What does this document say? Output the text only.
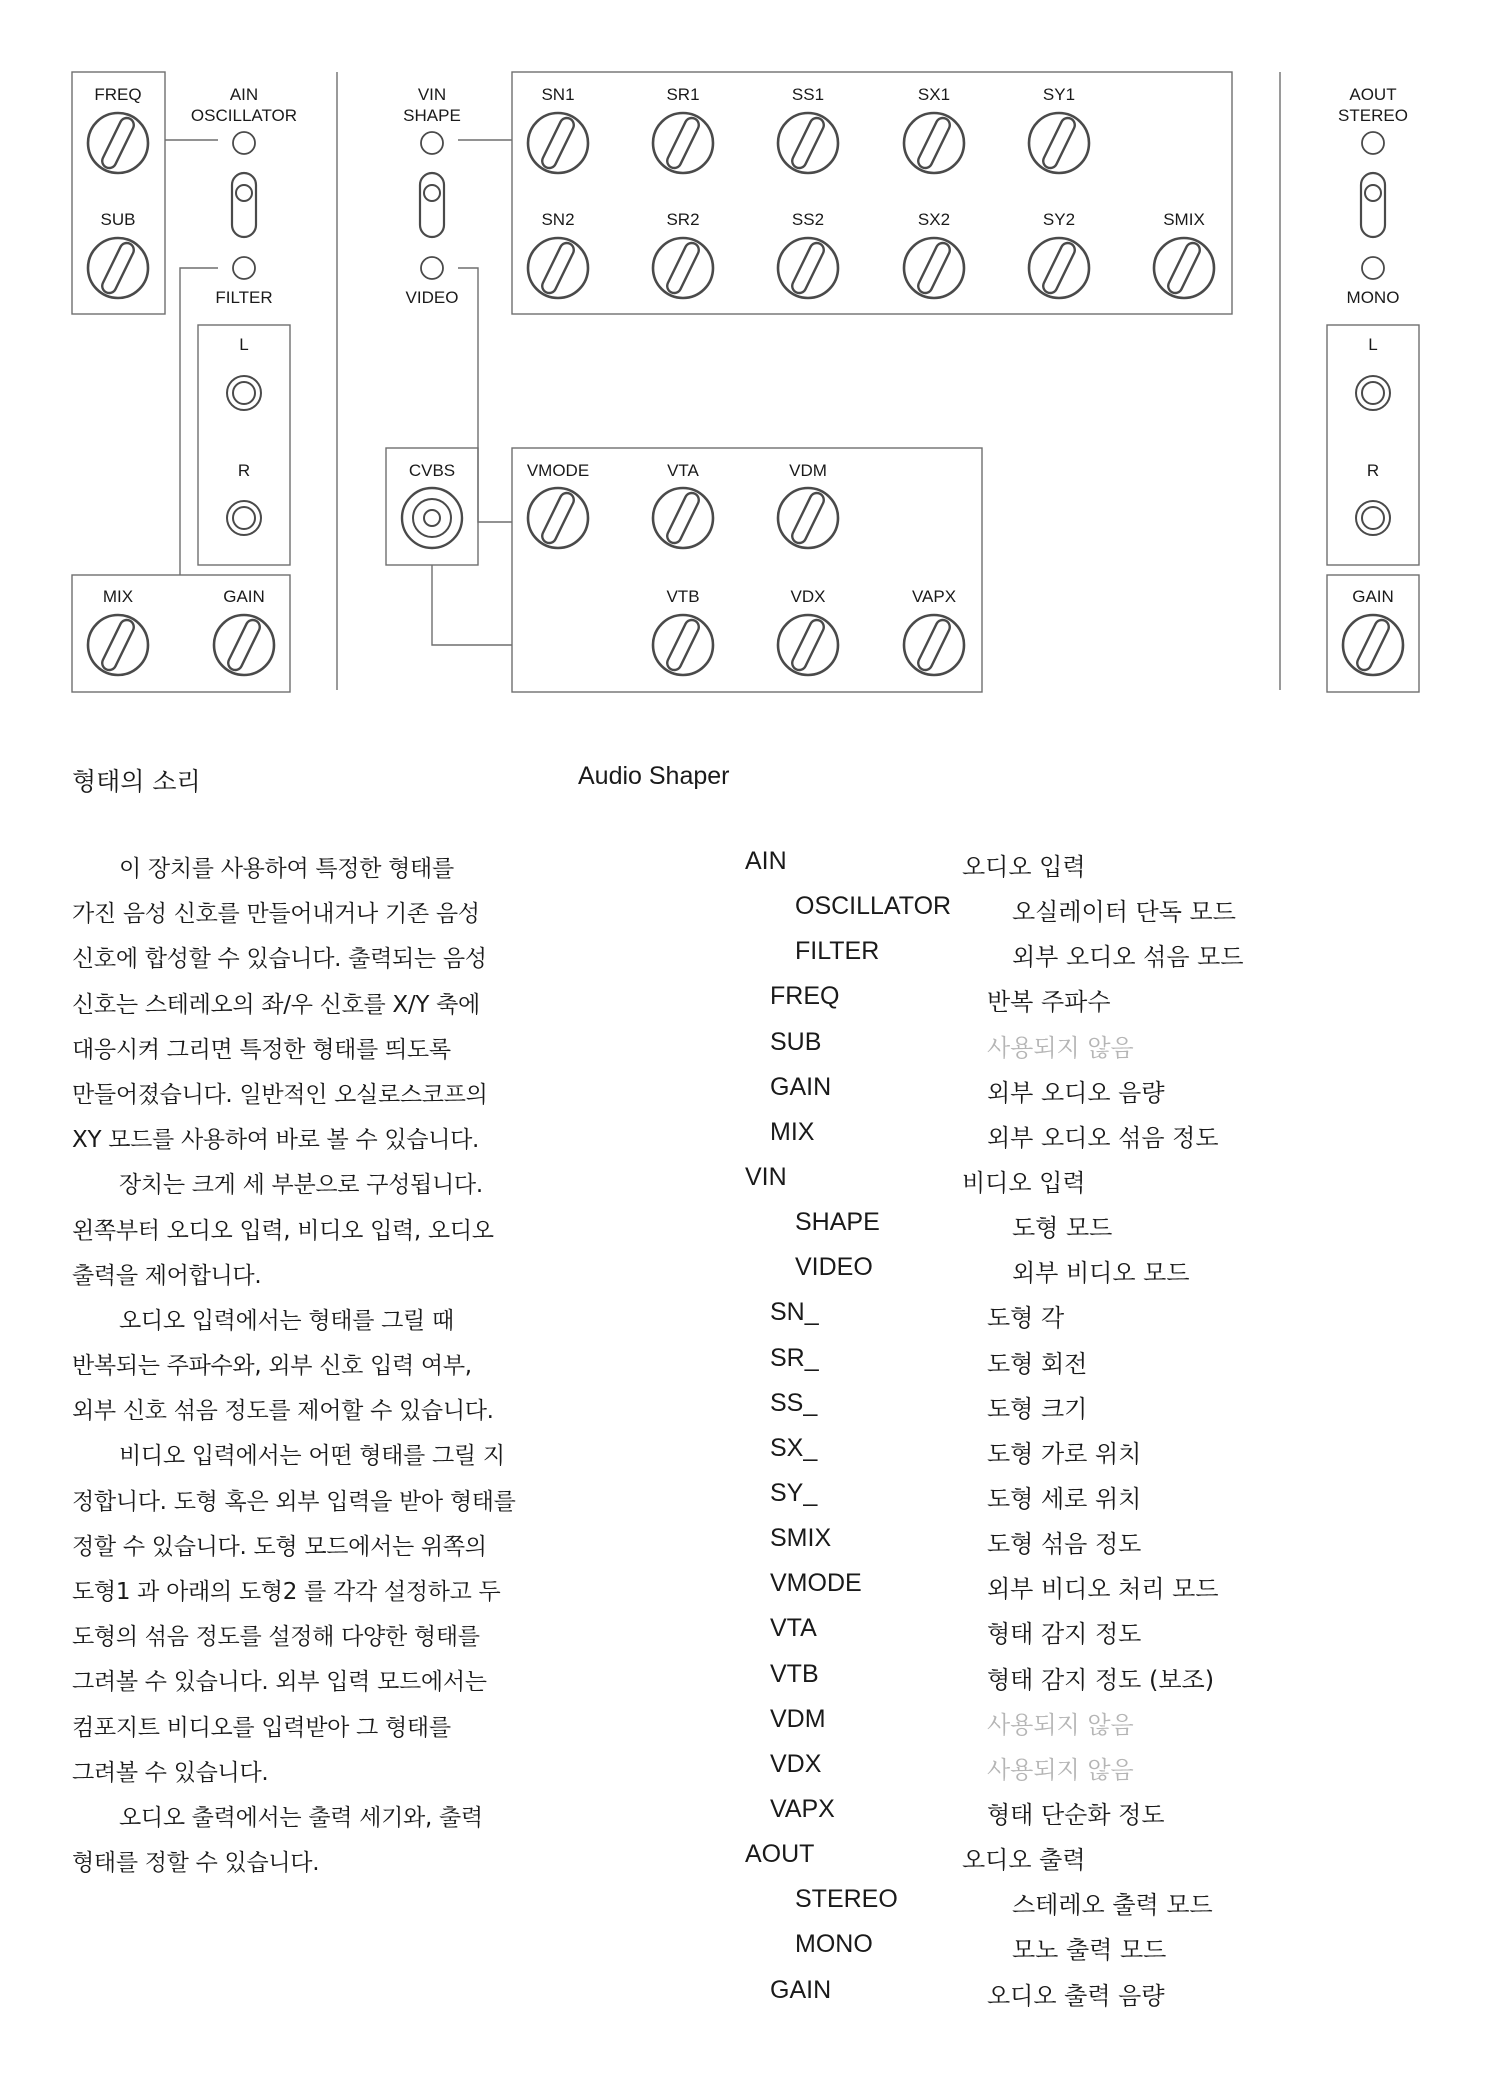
FREQ
SUB
AIN
OSCILLATOR
FILTER
L
R
MIX	GAIN
VIN
SHAPE
VIDEO
SN1	SR1	SS1	SX1	SY1
SN2	SR2	SS2	SX2	SY2	SMIX
CVBS	VMODE	VTA	VDM
VTB	VDX	VAPX
AOUT
STEREO
MONO
L
R
GAIN
형태의 소리	Audio Shaper
이 장치를 사용하여 특정한 형태를
가진 음성 신호를 만들어내거나 기존 음성
신호에 합성할 수 있습니다. 출력되는 음성
신호는 스테레오의 좌/우 신호를 X/Y 축에
대응시켜 그리면 특정한 형태를 띄도록
만들어졌습니다. 일반적인 오실로스코프의
XY 모드를 사용하여 바로 볼 수 있습니다.
장치는 크게 세 부분으로 구성됩니다.
왼쪽부터 오디오 입력, 비디오 입력, 오디오
출력을 제어합니다.
오디오 입력에서는 형태를 그릴 때
반복되는 주파수와, 외부 신호 입력 여부,
외부 신호 섞음 정도를 제어할 수 있습니다.
비디오 입력에서는 어떤 형태를 그릴 지
정합니다. 도형 혹은 외부 입력을 받아 형태를
정할 수 있습니다. 도형 모드에서는 위쪽의
도형1 과 아래의 도형2 를 각각 설정하고 두
도형의 섞음 정도를 설정해 다양한 형태를
그려볼 수 있습니다. 외부 입력 모드에서는
컴포지트 비디오를 입력받아 그 형태를
그려볼 수 있습니다.
오디오 출력에서는 출력 세기와, 출력
형태를 정할 수 있습니다.
AIN	오디오 입력
OSCILLATOR	오실레이터 단독 모드
FILTER	외부 오디오 섞음 모드
FREQ	반복 주파수
SUB	사용되지 않음
GAIN	외부 오디오 음량
MIX	외부 오디오 섞음 정도
VIN	비디오 입력
SHAPE	도형 모드
VIDEO	외부 비디오 모드
SN_	도형 각
SR_	도형 회전
SS_	도형 크기
SX_	도형 가로 위치
SY_	도형 세로 위치
SMIX	도형 섞음 정도
VMODE	외부 비디오 처리 모드
VTA	형태 감지 정도
VTB	형태 감지 정도 (보조)
VDM	사용되지 않음
VDX	사용되지 않음
VAPX	형태 단순화 정도
AOUT	오디오 출력
STEREO	스테레오 출력 모드
MONO	모노 출력 모드
GAIN	오디오 출력 음량
